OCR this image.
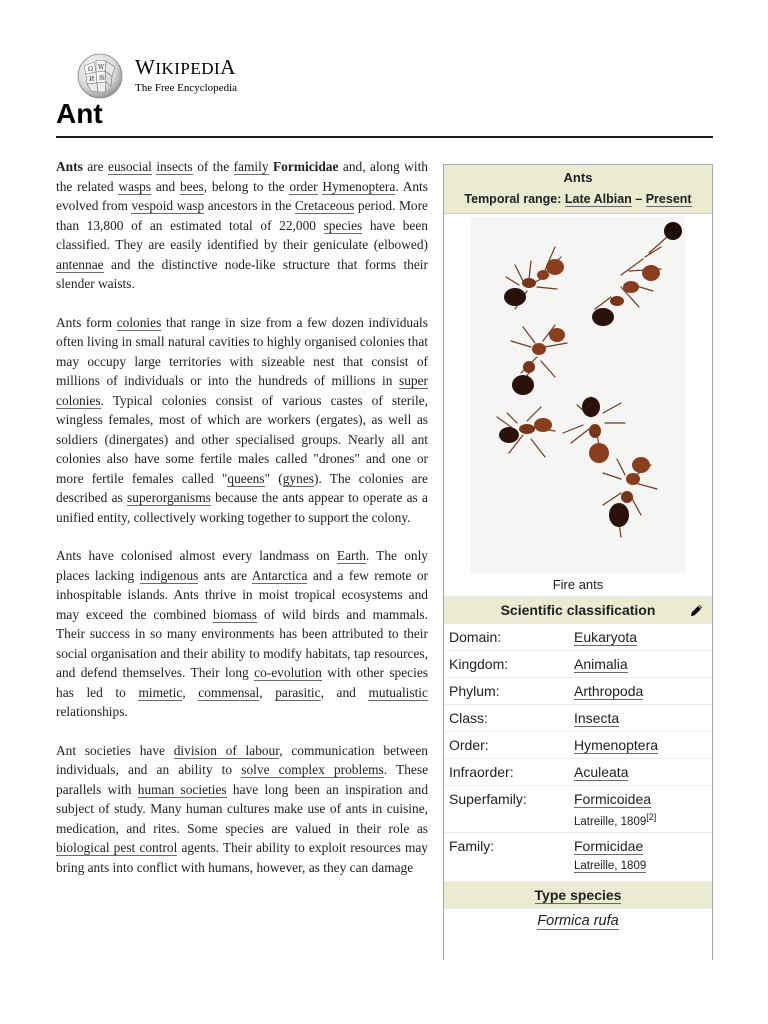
Ω W
И 維 WIKIPEDIA
The Free Encyclopedia
Ant

Ants are eusocial insects of the family Formicidae and, along with the related wasps and bees, belong to the order Hymenoptera. Ants evolved from vespoid wasp ancestors in the Cretaceous period. More than 13,800 of an estimated total of 22,000 species have been classified. They are easily identified by their geniculate (elbowed) antennae and the distinctive node-like structure that forms their slender waists.

Ants form colonies that range in size from a few dozen individuals often living in small natural cavities to highly organised colonies that may occupy large territories with sizeable nest that consist of millions of individuals or into the hundreds of millions in super colonies. Typical colonies consist of various castes of sterile, wingless females, most of which are workers (ergates), as well as soldiers (dinergates) and other specialised groups. Nearly all ant colonies also have some fertile males called "drones" and one or more fertile females called "queens" (gynes). The colonies are described as superorganisms because the ants appear to operate as a unified entity, collectively working together to support the colony.

Ants have colonised almost every landmass on Earth. The only places lacking indigenous ants are Antarctica and a few remote or inhospitable islands. Ants thrive in moist tropical ecosystems and may exceed the combined biomass of wild birds and mammals. Their success in so many environments has been attributed to their social organisation and their ability to modify habitats, tap resources, and defend themselves. Their long co-evolution with other species has led to mimetic, commensal, parasitic, and mutualistic relationships.

Ant societies have division of labour, communication between individuals, and an ability to solve complex problems. These parallels with human societies have long been an inspiration and subject of study. Many human cultures make use of ants in cuisine, medication, and rites. Some species are valued in their role as biological pest control agents. Their ability to exploit resources may bring ants into conflict with humans, however, as they can damage

Ants
Temporal range: Late Albian – Present
Fire ants
Scientific classification
Domain:	Eukaryota
Kingdom:	Animalia
Phylum:	Arthropoda
Class:	Insecta
Order:	Hymenoptera
Infraorder:	Aculeata
Superfamily:	Formicoidea
Latreille, 1809[2]
Family:	Formicidae
Latreille, 1809
Type species
Formica rufa
